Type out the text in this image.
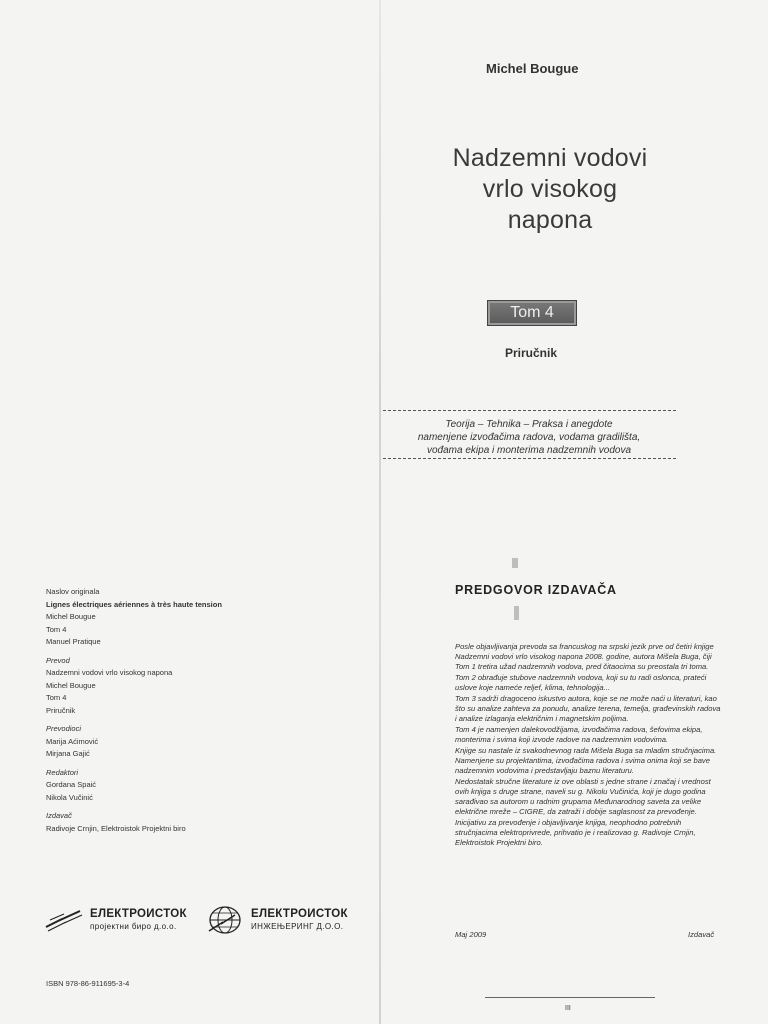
Michel Bougue
Nadzemni vodovi
vrlo visokog
napona
Tom 4
Priručnik
Teorija – Tehnika – Praksa i anegdote
namenjene izvođačima radova, vodama gradilišta,
vođama ekipa i monterima nadzemnih vodova
Naslov originala
Lignes électriques aériennes à très haute tension
Michel Bougue
Tom 4
Manuel Pratique
Prevod
Nadzemni vodovi vrlo visokog napona
Michel Bougue
Tom 4
Priručnik
Prevodioci
Marija Aćimović
Mirjana Gajić
Redaktori
Gordana Spaić
Nikola Vučinić
Izdavač
Radivoje Crnjin, Elektroistok Projektni biro
ЕЛЕКТРОИСТОК
пројектни биро д.о.о.
ЕЛЕКТРОИСТОК
ИНЖЕЊЕРИНГ Д.О.О.
ISBN 978-86-911695-3-4
PREDGOVOR IZDAVAČA

Posle objavljivanja prevoda sa francuskog na srpski jezik prve od četiri knjige Nadzemni vodovi vrlo visokog napona 2008. godine, autora Mišela Buga, čiji Tom 1 tretira užad nadzemnih vodova, pred čitaocima su preostala tri toma.

Tom 2 obrađuje stubove nadzemnih vodova, koji su tu radi oslonca, prateći uslove koje nameće reljef, klima, tehnologija...

Tom 3 sadrži dragoceno iskustvo autora, koje se ne može naći u literaturi, kao što su analize zahteva za ponudu, analize terena, temelja, građevinskih radova i analize izlaganja električnim i magnetskim poljima.

Tom 4 je namenjen dalekovodžijama, izvođačima radova, šefovima ekipa, monterima i svima koji izvode radove na nadzemnim vodovima.

Knjige su nastale iz svakodnevnog rada Mišela Buga sa mladim stručnjacima. Namenjene su projektantima, izvođačima radova i svima onima koji se bave nadzemnim vodovima i predstavljaju baznu literaturu.

Nedostatak stručne literature iz ove oblasti s jedne strane i značaj i vrednost ovih knjiga s druge strane, naveli su g. Nikolu Vučinića, koji je dugo godina sarađivao sa autorom u radnim grupama Međunarodnog saveta za velike električne mreže – CIGRE, da zatraži i dobije saglasnost za prevođenje.

Inicijativu za prevođenje i objavljivanje knjiga, neophodno potrebnih stručnjacima elektroprivrede, prihvatio je i realizovao g. Radivoje Crnjin, Elektroistok Projektni biro.

Maj 2009	Izdavač
III
